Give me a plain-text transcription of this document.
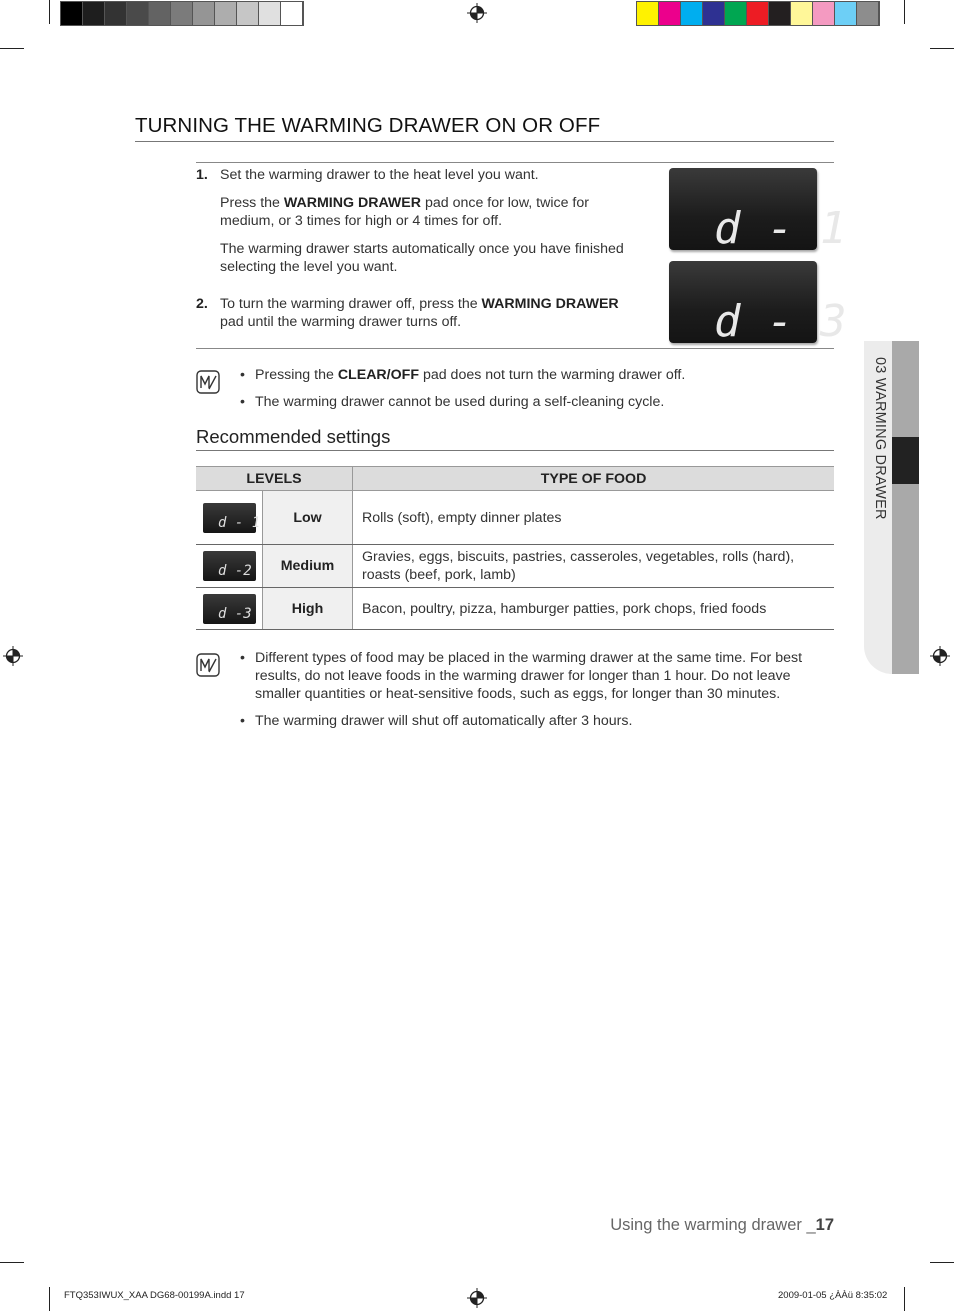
TURNING THE WARMING DRAWER ON OR OFF
1. Set the warming drawer to the heat level you want.

Press the WARMING DRAWER pad once for low, twice for medium, or 3 times for high or 4 times for off.

The warming drawer starts automatically once you have finished selecting the level you want.

2. To turn the warming drawer off, press the WARMING DRAWER pad until the warming drawer turns off.

d - 1
d - 3
• Pressing the CLEAR/OFF pad does not turn the warming drawer off.
• The warming drawer cannot be used during a self-cleaning cycle.
Recommended settings
LEVELS		TYPE OF FOOD

d - 1	Low	Rolls (soft), empty dinner plates

d -2	Medium	Gravies, eggs, biscuits, pastries, casseroles, vegetables, rolls (hard), roasts (beef, pork, lamb)

d -3	High	Bacon, poultry, pizza, hamburger patties, pork chops, fried foods
• Different types of food may be placed in the warming drawer at the same time. For best results, do not leave foods in the warming drawer for longer than 1 hour. Do not leave smaller quantities or heat-sensitive foods, such as eggs, for longer than 30 minutes.
• The warming drawer will shut off automatically after 3 hours.
03 WARMING DRAWER
Using the warming drawer _17
FTQ353IWUX_XAA DG68-00199A.indd 17	2009-01-05 ¿ÀÀü 8:35:02
